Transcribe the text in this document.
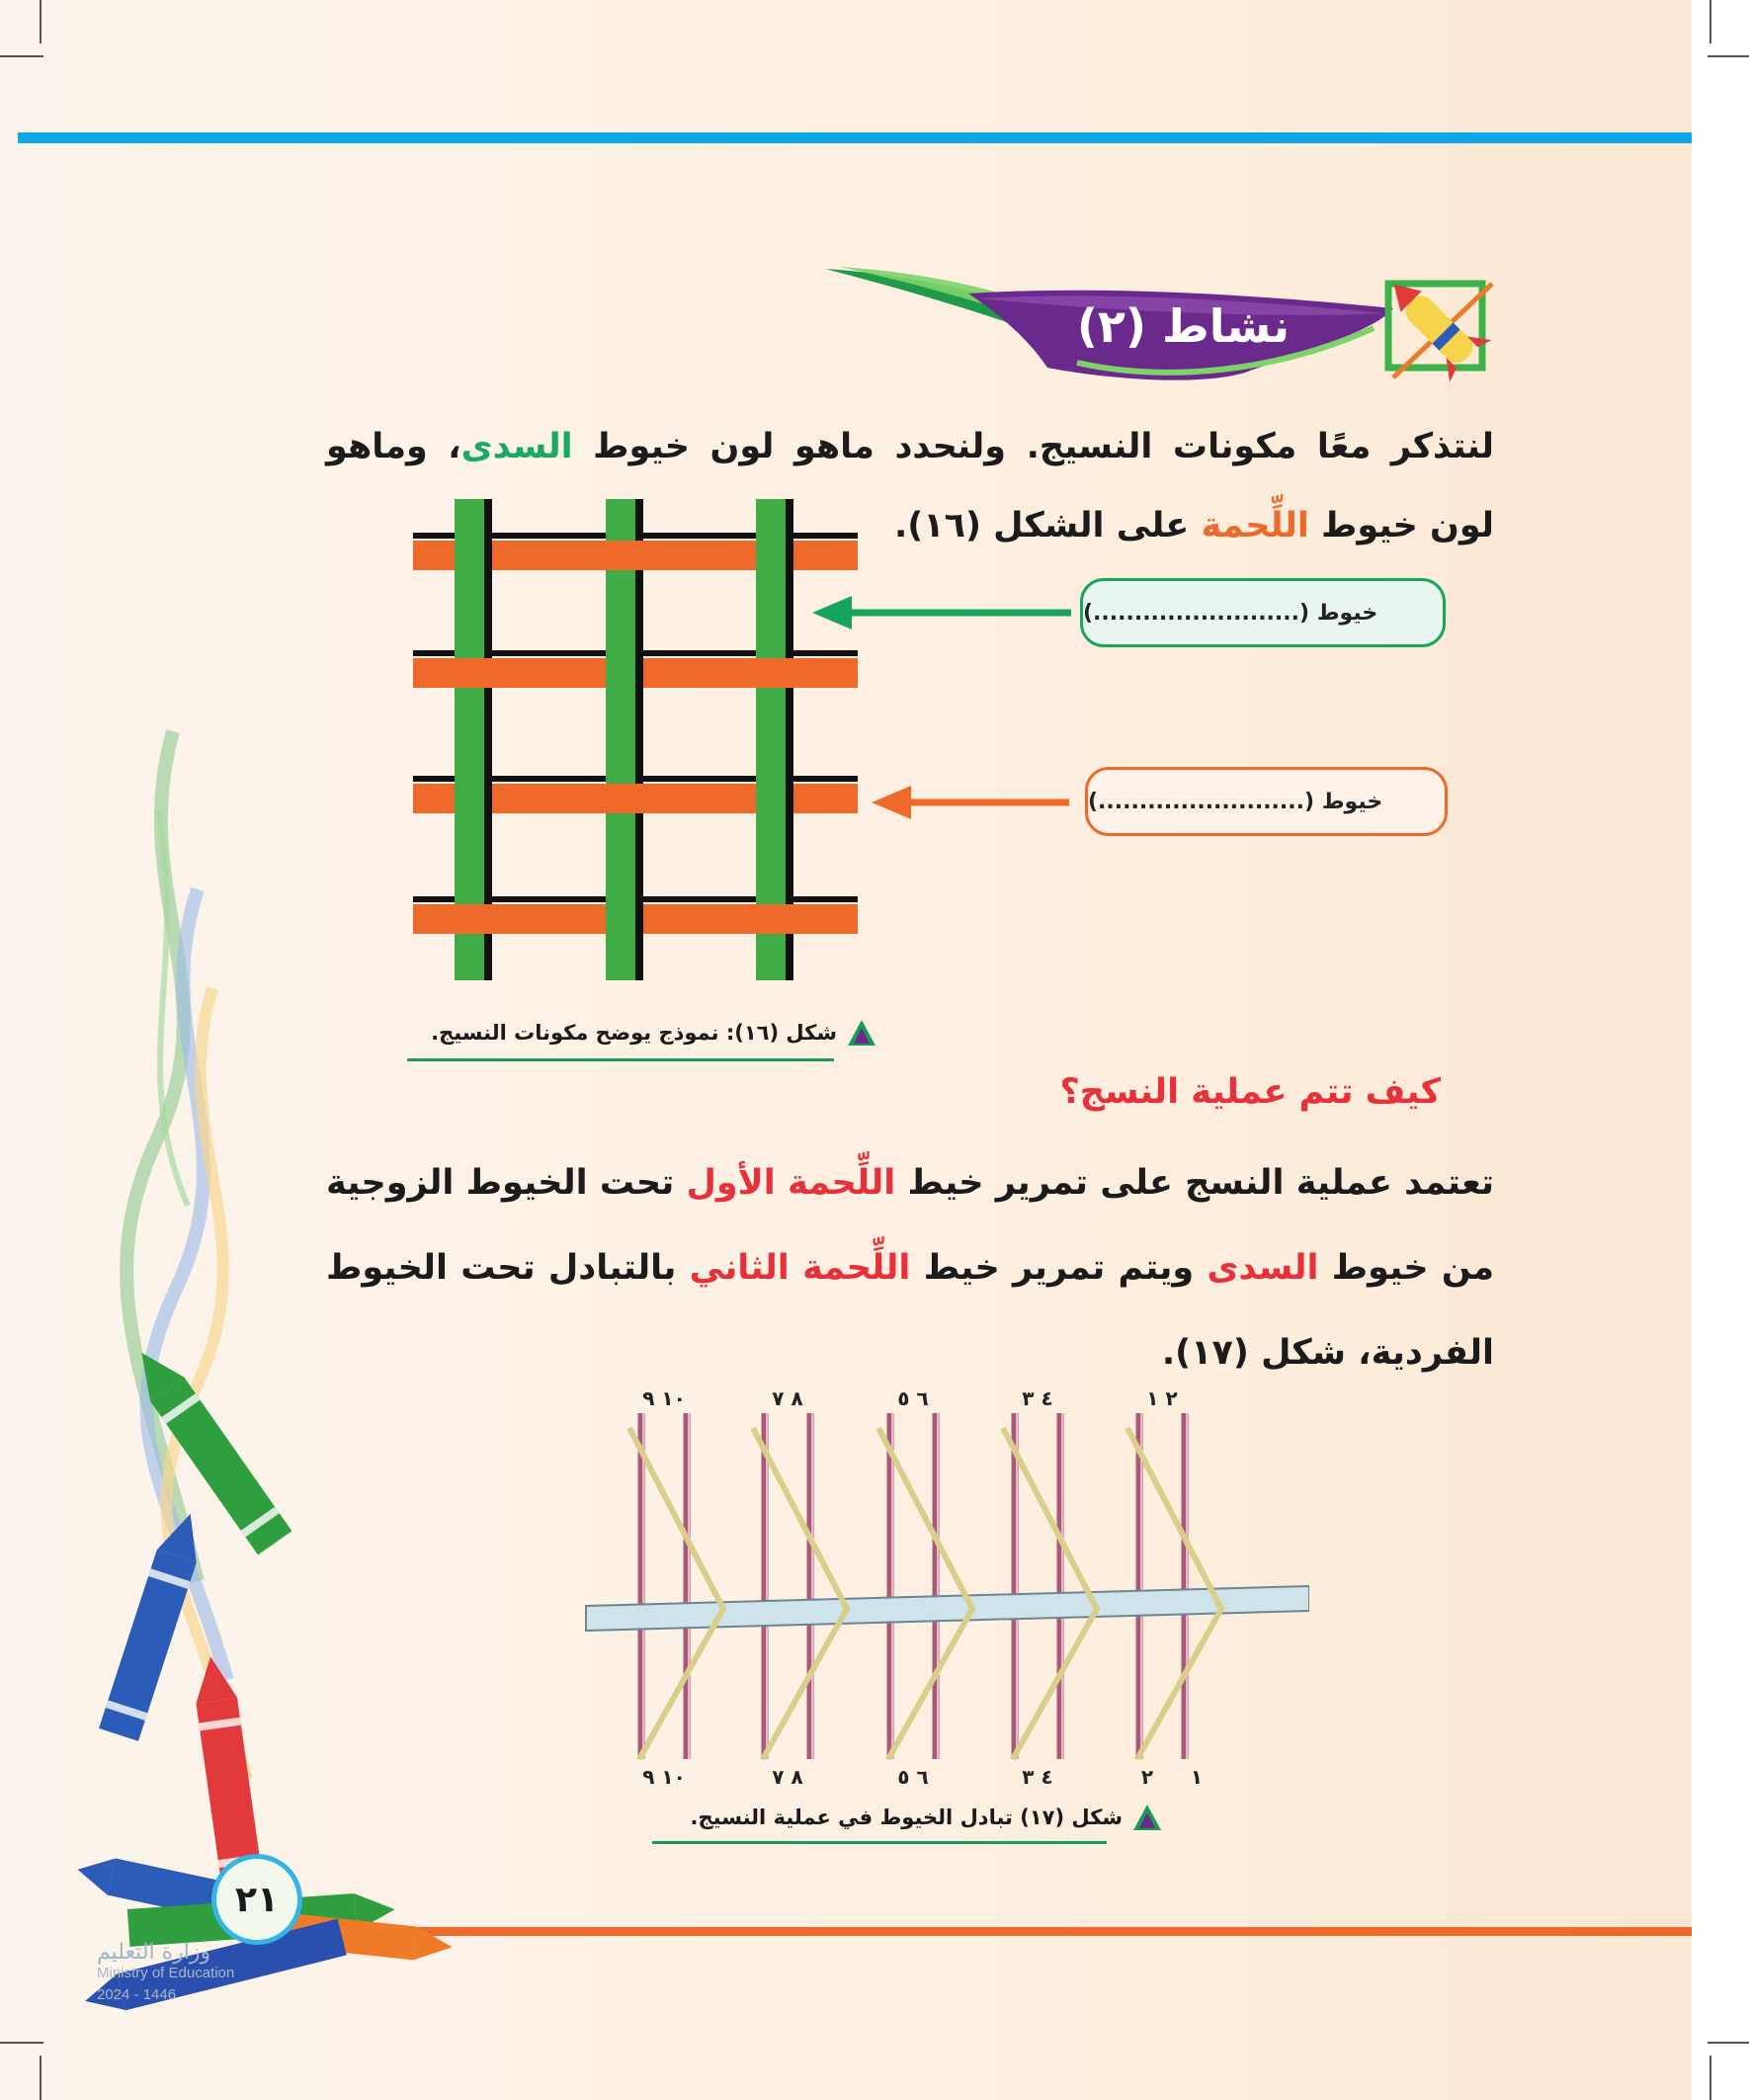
٢١
وزارة التعليم
Ministry of Education
2024 - 1446
نشاط (٢)
لنتذكر معًا مكونات النسيج. ولنحدد ماهو لون خيوط السدى، وماهو لون خيوط اللِّحمة على الشكل (١٦).
خيوط (.........................)
خيوط (.........................)
شكل (١٦): نموذج يوضح مكونات النسيج.
كيف تتم عملية النسج؟
تعتمد عملية النسج على تمرير خيط اللِّحمة الأول تحت الخيوط الزوجية من خيوط السدى ويتم تمرير خيط اللِّحمة الثاني بالتبادل تحت الخيوط الفردية، شكل (١٧).
١٠ ٩	٨ ٧	٦ ٥	٤ ٣	٢ ١
١٠ ٩	٨ ٧	٦ ٥	٤ ٣	٢ ١
شكل (١٧) تبادل الخيوط في عملية النسيج.
